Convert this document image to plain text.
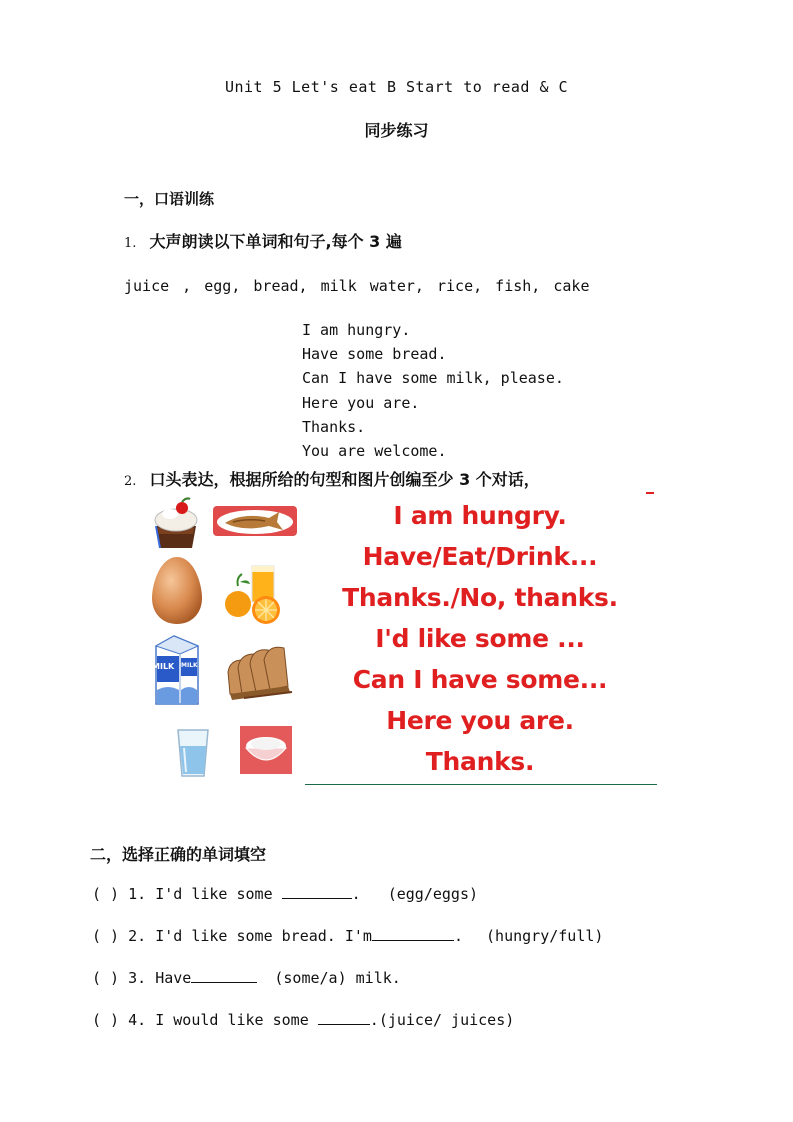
Unit 5 Let's eat B Start to read & C
同步练习
一，口语训练
1. 大声朗读以下单词和句子,每个 3 遍
juice , egg, bread, milk water, rice, fish, cake
I am hungry.
Have some bread.
Can I have some milk, please.
Here you are.
Thanks.
You are welcome.
2. 口头表达，根据所给的句型和图片创编至少 3 个对话，
MILK MILK
I am hungry.
Have/Eat/Drink...
Thanks./No, thanks.
I'd like some ...
Can I have some...
Here you are.
Thanks.
二，选择正确的单词填空
( ) 1. I'd like some	. (egg/eggs)
( ) 2. I'd like some bread. I'm	. (hungry/full)
( ) 3. Have	(some/a) milk.
( ) 4. I would like some	.(juice/ juices)
